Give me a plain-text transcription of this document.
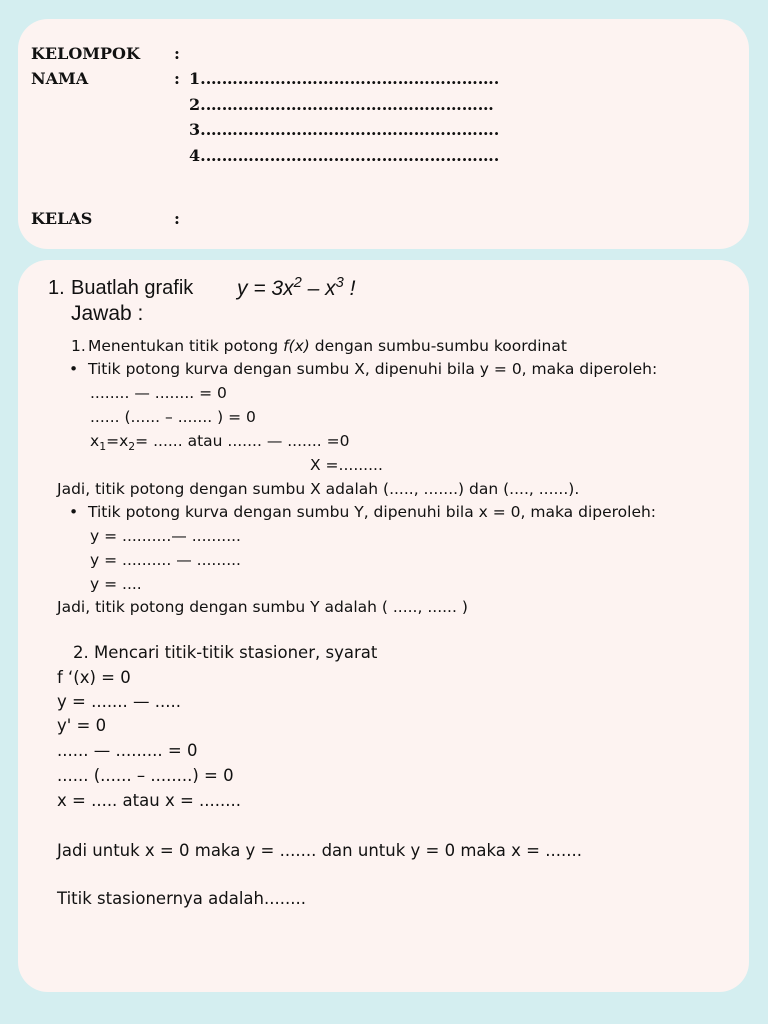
KELOMPOK :
NAMA	: 1.……………………………………………….
2.………………………………………………
3.……………………………………………….
4.……………………………………………….
KELAS	:
1. Buatlah grafik $y = 3x^2 - x^3$ !
Jawab :
1. Menentukan titik potong f(x) dengan sumbu-sumbu koordinat
• Titik potong kurva dengan sumbu X, dipenuhi bila y = 0, maka diperoleh:
........ — ........ = 0
...... (...... – ....... ) = 0
$x_1=x_2=$ ...... atau ....... — ....... =0
X =.........
Jadi, titik potong dengan sumbu X adalah (....., .......) dan (...., ......).
• Titik potong kurva dengan sumbu Y, dipenuhi bila x = 0, maka diperoleh:
y = ..........— ..........
y = .......... — .........
y = ....
Jadi, titik potong dengan sumbu Y adalah ( ....., ...... )
2. Mencari titik-titik stasioner, syarat
f ‘(x) = 0
y = ....... — .....
y' = 0
...... — ......... = 0
...... (...... – ........) = 0
x = ..... atau x = ........
Jadi untuk x = 0 maka y = ....... dan untuk y = 0 maka x = .......
Titik stasionernya adalah........
